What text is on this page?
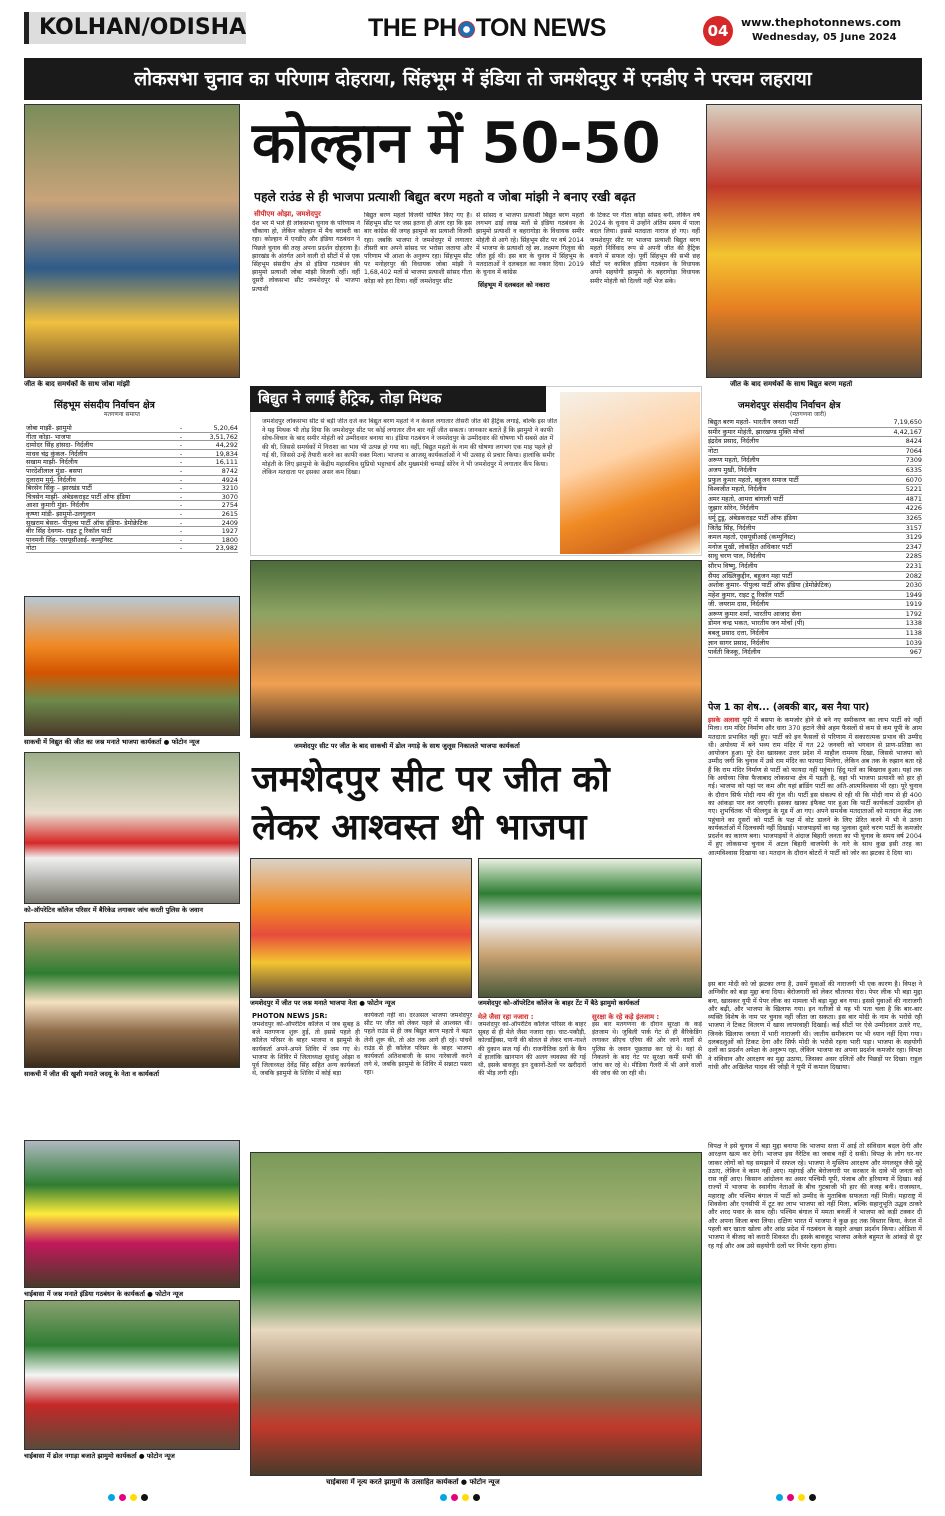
KOLHAN/ODISHA	THE PH TON NEWS	04	www.thephotonnews.com
Wednesday, 05 June 2024
लोकसभा चुनाव का परिणाम दोहराया, सिंहभूम में इंडिया तो जमशेदपुर में एनडीए ने परचम लहराया
जीत के बाद समर्थकों के साथ जोबा मांझी	जीत के बाद समर्थकों के साथ बिद्युत बरण महतो
कोल्हान में 50-50
पहले राउंड से ही भाजपा प्रत्याशी बिद्युत बरण महतो व जोबा मांझी ने बनाए रखी बढ़त
सीपीएम ओझा, जमशेदपुर
देश भर में भले ही लोकसभा चुनाव के परिणाम ने चौंकाया हो, लेकिन कोल्हान में मैच बराबरी का रहा। कोल्हान में एनडीए और इंडिया गठबंधन ने पिछले चुनाव की तरह अपना प्रदर्शन दोहराया है। झारखंड के अंतर्गत आने वाली दो सीटों में से एक सिंहभूम संसदीय क्षेत्र से इंडिया गठबंधन की झामुमो प्रत्याशी जोबा मांझी विजयी रहीं। वहीं दूसरी लोकसभा सीट जमशेदपुर से भाजपा प्रत्याशी
बिद्युत बरण महतो विजयी घोषित किए गए हैं। सिंहभूम सीट पर जस इतना ही अंतर रहा कि इस बार कांग्रेस की जगह झामुमो का प्रत्याशी विजयी रहा। जबकि भाजपा ने जमशेदपुर में लगातार तीसरी बार अपने सांसद पर भरोसा जताया और परिणाम भी आशा के अनुरूप रहा। सिंहभूम सीट पर मनोहरपुर की विधायक जोबा मांझी ने 1,68,402 मतों से भाजपा प्रत्याशी सांसद गीता कोड़ा को हरा दिया। वहीं जमशेदपुर सीट	सिंहभूम में दलबदल को नकारा
से सांसद व भाजपा प्रत्याशी बिद्युत बरण महतो लगभग ढाई लाख मतों से इंडिया गठबंधन के झामुमो प्रत्याशी व बहरागोड़ा के विधायक समीर मोहंती से आगे रहे। सिंहभूम सीट पर वर्ष 2014 में भाजपा के प्रत्याशी रहे स्व. लक्ष्मण गिलुवा की जीत हुई थी। इस बार के चुनाव में सिंहभूम के मतदाताओं ने दलबदल का नकार दिया। 2019 के चुनाव में कांग्रेस
के टिकट पर गीता कोड़ा सांसद बनीं, लेकिन वर्ष 2024 के चुनाव में उन्होंने अंतिम समय में पाला बदल लिया। इससे मतदाता नाराज हो गए। वहीं जमशेदपुर सीट पर भाजपा प्रत्याशी बिद्युत बरण महतो निर्विवाद रूप से अपनी जीत की हैट्रिक बनाने में सफल रहे। पूर्वी सिंहभूम की सभी छह सीटों पर काबिज इंडिया गठबंधन के विधायक अपने सहयोगी झामुमो के बहरागोड़ा विधायक समीर मोहंती को दिल्ली नहीं भेज सके।
सिंहभूम संसदीय निर्वाचन क्षेत्र
मतगणना समाप्त
जोबा माझी- झामुमो	-	5,20,64
गीता कोड़ा- भाजपा	-	3,51,762
दामोदर सिंह हांसदा- निर्दलीय	-	44,292
माधव चंद्र कुंकल- निर्दलीय	-	19,834
सखाम माझी- निर्दलीय	-	16,111
पारदेशीलाल मुंडा- बसपा	-	8742
दुलाराम मुर्मू- निर्दलीय	-	4924
बिरसेन सिंकु – झारखंड पार्टी	-	3210
चित्रसेन माझी- अंबेडकराइट पार्टी ऑफ इंडिया	-	3070
आशा कुमारी मुंडा- निर्दलीय	-	2754
कृष्णा मांडी- झामुमो-उलगुलान	-	2615
सुखराम बेसरा- पीपुल्स पार्टी ऑफ इंडिया- डेमोक्रेटिक	-	2409
बीर सिंह देवगम- राइट टू रिकॉल पार्टी	-	1927
पानमनी सिंह- एसयूसीआई- कम्युनिस्ट	-	1800
नोटा	-	23,982
बिद्युत ने लगाई हैट्रिक, तोड़ा मिथक
जमशेदपुर लोकसभा सीट से बड़ी जीत दर्ज कर बिद्युत बरण महतो ने न केवल लगातार तीसरी जीत की हैट्रिक लगाई, बल्कि इस जीत ने यह मिथक भी तोड़ दिया कि जमशेदपुर सीट पर कोई लगातार तीन बार नहीं जीत सकता। जानकार बताते हैं कि झामुमो ने काफी सोच-विचार के बाद समीर मोहंती को उम्मीदवार बनाया था। इंडिया गठबंधन ने जमशेदपुर के उम्मीदवार की घोषणा भी सबसे अंत में की थी, जिससे समर्थकों में निराशा का भाव भी उत्पन्न हो गया था। वहीं, बिद्युत महतो के नाम की घोषणा लगभग एक माह पहले हो गई थी, जिससे उन्हें तैयारी करने का काफी वक्त मिला। भाजपा व आजसू कार्यकर्ताओं ने भी उत्साह से प्रचार किया। हालांकि समीर मोहंती के लिए झामुमो के केंद्रीय महासचिव सुप्रियो भट्टाचार्य और मुख्यमंत्री चम्पाई सोरेन ने भी जमशेदपुर में लगातार कैंप किया। लेकिन मतदाता पर इसका असर कम दिखा।
जमशेदपुर संसदीय निर्वाचन क्षेत्र
(मतगणना जारी)
बिद्युत बरण महतो- भारतीय जनता पार्टी	7,19,650
समीर कुमार मोहंती, झारखण्ड मुक्ति मोर्चा	4,42,167
इंद्रदेव प्रसाद, निर्दलीय	8424
नोटा	7064
अरूण महतो, निर्दलीय	7309
अजय मुखी, निर्दलीय	6335
प्रफुल कुमार महतो, बहुजन समाज पार्टी	6070
विश्वजीत महतो, निर्दलीय	5221
अमर महतो, आमरा बांगाली पार्टी	4871
जुझार सोरेन, निर्दलीय	4226
धर्मू टुडू, अंबेडकराइट पार्टी ऑफ इंडिया	3265
जितेंद्र सिंह, निर्दलीय	3157
कमल महतो, एसयूसीआई (कम्युनिस्ट)	3129
मनोज मुखी, लोकहित अधिकार पार्टी	2347
साधु चरण पाल, निर्दलीय	2285
सौरभ विष्णु, निर्दलीय	2231
सैयद अख्लिकुद्दीन, बहुजन महा पार्टी	2082
अशोक कुमार- पीपुल्स पार्टी ऑफ इंडिया (डेमोक्रेटिक)	2030
महेश कुमार, राइट टू रिकॉल पार्टी	1949
जी. जयराम दास, निर्दलीय	1919
अरूण कुमार शर्मा, भारतीय आजाद सेना	1792
डोमन चन्द्र भकत, भारतीय जन मोर्चा (पी)	1338
बबलू प्रसाद दत्ता, निर्दलीय	1138
ज्ञान सागर प्रसाद, निर्दलीय	1039
पार्वती किस्कू, निर्दलीय	967
जमशेदपुर सीट पर जीत के बाद साकची में ढोल नगाड़े के साथ जुलूस निकालते भाजपा कार्यकर्ता
पेज 1 का शेष... (अबकी बार, बस नैया पार)
इसके अलावा यूपी में बसपा के कमजोर होने से बने नए समीकरण का लाभ पार्टी को नहीं मिला। राम मंदिर निर्माण और धारा 370 हटाने जैसे अहम फैसलों से कम से कम यूपी के आम मतदाता प्रभावित नहीं हुए। पार्टी को इन फैसलों से परिणाम में सकारात्मक प्रभाव की उम्मीद थी। अयोध्या में बने भव्य राम मंदिर में गत 22 जनवरी को भगवान से प्राण-प्रतिष्ठा का आयोजन हुआ। पूरे देश खासकर उत्तर प्रदेश में माहौल राममय दिखा, जिससे भाजपा को उम्मीद जगी कि चुनाव में उसे राम मंदिर का फायदा मिलेगा, लेकिन अब तक के रुझान बता रहे हैं कि राम मंदिर निर्माण से पार्टी को फायदा नहीं पहुंचा। हिंदू मतों का बिखराव हुआ। यहां तक कि अयोध्या जिस फैजाबाद लोकसभा क्षेत्र में पड़ती है, वहां भी भाजपा प्रत्याशी को हार हो गई। भाजपा को यहां पर कम और यहां ब्रांडिंग पार्टी का अति-आत्मविश्वास भी रहा। पूरे चुनाव के दौरान सिर्फ मोदी नाम की गूंज थी। पार्टी इस संकल्प से रही थी कि मोदी नाम से ही 400 का आंकड़ा पार कर जाएगी। इसका खाका इंफैक्ट पार हुआ कि पार्टी कार्यकर्ता उदासीन हो गए। शुभचिंतक भी फीलगुड के मूड में आ गए। अपने समर्थक मतदाताओं को मतदान केंद्र तक पहुंचाने का दूसरों को पार्टी के पक्ष में वोट डालने के लिए प्रेरित करने में भी वे उतना कार्यकर्ताओं में दिलचस्पी नहीं दिखाई। भाजपाइयों का यह भुलावा दूसरे चरण पार्टी के कमजोर प्रदर्शन का कारण बना। भाजपाइयों ने अंदाज बिहारी जनता का भी चुनाव के समय वर्ष 2004 में हुए लोकसभा चुनाव में अटल बिहारी वाजपेयी के नारे के साथ कुछ इसी तरह का आत्मविश्वास दिखाया था। मतदान के दौरान बोटरों ने पार्टी को जोर का झटका दे दिया था।
इस बार मोदी को जो झटका लगा है, उसमें युवाओं की नाराजगी भी एक कारण है। विपक्ष ने अग्निवीर को बड़ा मुद्दा बना दिया। बेरोजगारी को लेकर चौतरफा घेरा। पेपर लीक भी बड़ा मुद्दा बना, खासकर यूपी में पेपर लीक का मामला भी बड़ा मुद्दा बन गया। इससे युवाओं की नाराजगी और बढ़ी, और भाजपा के खिलाफ गया। इन नतीजों से यह भी पता चला है कि बार-बार व्यक्ति विशेष के नाम पर चुनाव नहीं जीता जा सकता। इस बार मोदी के नाम के भरोसे रही भाजपा ने टिकट वितरण में खास लापरवाही दिखाई। कई सीटों पर ऐसे उम्मीदवार उतारे गए, जिनके खिलाफ जनता में भारी नाराजगी थी। जातीय समीकरण पर भी ध्यान नहीं दिया गया। दलबदलुओं को टिकट देना और सिर्फ मोदी के भरोसे रहना भारी पड़ा। भाजपा के सहयोगी दलों का प्रदर्शन अपेक्षा के अनुरूप रहा, लेकिन भाजपा का अपना प्रदर्शन कमजोर रहा। विपक्ष ने संविधान और आरक्षण का मुद्दा उठाया, जिसका असर दलितों और पिछड़ों पर दिखा। राहुल गांधी और अखिलेश यादव की जोड़ी ने यूपी में कमाल दिखाया।
विपक्ष ने इसे चुनाव में बड़ा मुद्दा बनाया कि भाजपा सत्ता में आई तो संविधान बदल देगी और आरक्षण खत्म कर देगी। भाजपा इस नैरेटिव का जवाब नहीं दे सकी। विपक्ष के लोग घर-घर जाकर लोगों को यह समझाने में सफल रहे। भाजपा ने मुस्लिम आरक्षण और मंगलसूत्र जैसे मुद्दे उठाए, लेकिन वे काम नहीं आए। महंगाई और बेरोजगारी पर सरकार के दावे भी जनता को रास नहीं आए। किसान आंदोलन का असर पश्चिमी यूपी, पंजाब और हरियाणा में दिखा। कई राज्यों में भाजपा के स्थानीय नेताओं के बीच गुटबाजी भी हार की वजह बनी। राजस्थान, महाराष्ट्र और पश्चिम बंगाल में पार्टी को उम्मीद के मुताबिक सफलता नहीं मिली। महाराष्ट्र में शिवसेना और एनसीपी में टूट का लाभ भाजपा को नहीं मिला, बल्कि सहानुभूति उद्धव ठाकरे और शरद पवार के साथ रही। पश्चिम बंगाल में ममता बनर्जी ने भाजपा को कड़ी टक्कर दी और अपना किला बचा लिया। दक्षिण भारत में भाजपा ने कुछ हद तक विस्तार किया, केरल में पहली बार खाता खोला और आंध्र प्रदेश में गठबंधन के सहारे अच्छा प्रदर्शन किया। ओडिशा में भाजपा ने बीजद को करारी शिकस्त दी। इसके बावजूद भाजपा अकेले बहुमत के आंकड़े से दूर रह गई और अब उसे सहयोगी दलों पर निर्भर रहना होगा।
साकची में विद्युत की जीत का जश्न मनाते भाजपा कार्यकर्ता ● फोटोन न्यूज
को-ऑपरेटिव कॉलेज परिसर में बैरिकेड लगाकर जांच करती पुलिस के जवान
साकची में जीत की खुशी मनाते जदयू के नेता व कार्यकर्ता
चाईबासा में जश्न मनाते इंडिया गठबंधन के कार्यकर्ता ● फोटोन न्यूज
चाईबासा में ढोल नगाड़ा बजाते झामुमो कार्यकर्ता ● फोटोन न्यूज
जमशेदपुर सीट पर जीत को
लेकर आश्वस्त थी भाजपा
जमशेदपुर में जीत पर जश्न मनाते भाजपा नेता ● फोटोन न्यूज	जमशेदपुर को-ऑपरेटिव कॉलेज के बाहर टेंट में बैठे झामुमो कार्यकर्ता
PHOTON NEWS JSR:
जमशेदपुर को-ऑपरेटिव कॉलेज में जब सुबह 8 बजे मतगणना शुरू हुई, तो इससे पहले ही कॉलेज परिसर के बाहर भाजपा व झामुमो के कार्यकर्ता अपने-अपने शिविर में जम गए थे। भाजपा के शिविर में जिलाध्यक्ष सुधांशु ओझा व पूर्व जिलाध्यक्ष देवेंद्र सिंह सहित अन्य कार्यकर्ता थे, जबकि झामुमो के शिविर में कोई बड़ा
कार्यकर्ता नहीं था। दरअसल भाजपा जमशेदपुर सीट पर जीत को लेकर पहले से आश्वस्त थी। पहले राउंड से ही जब बिद्युत बरण महतो ने बढ़त लेनी शुरू की, तो अंत तक आगे ही रहे। पांचवें राउंड से ही कॉलेज परिसर के बाहर भाजपा कार्यकर्ता अतिशबाजी के साथ नारेबाजी करने लगे थे, जबकि झामुमो के शिविर में सन्नाटा पसरा रहा।
मेले जैसा रहा नजारा :
जमशेदपुर को-ऑपरेटिव कॉलेज परिसर के बाहर सुबह से ही मेले जैसा नजारा रहा। चाट-पकौड़ी, कोल्डड्रिंक्स, पानी की बोतल से लेकर चाय-नाश्ते की दुकान सज गई थी। राजनीतिक दलों के कैंप में हालांकि खानपान की अलग व्यवस्था की गई थी, इसके बावजूद इन दुकानों-ठेलों पर खरीदारों की भीड़ लगी रही।
सुरक्षा के रहे कड़े इंतजाम :
इस बार मतगणना के दौरान सुरक्षा के कड़े इंतजाम थे। जुबिली पार्क गेट से ही बैरिकेडिंग लगाकर सीएच एरिया की ओर जाने वालों से पुलिस के जवान पूछताछ कर रहे थे। वहां से निकलने के बाद गेट पर सुरक्षा कर्मी सभी की जांच कर रहे थे। मीडिया गैलरी में भी आने वालों की जांच की जा रही थी।
चाईबासा में नृत्य करते झामुमो के उत्साहित कार्यकर्ता ● फोटोन न्यूज
